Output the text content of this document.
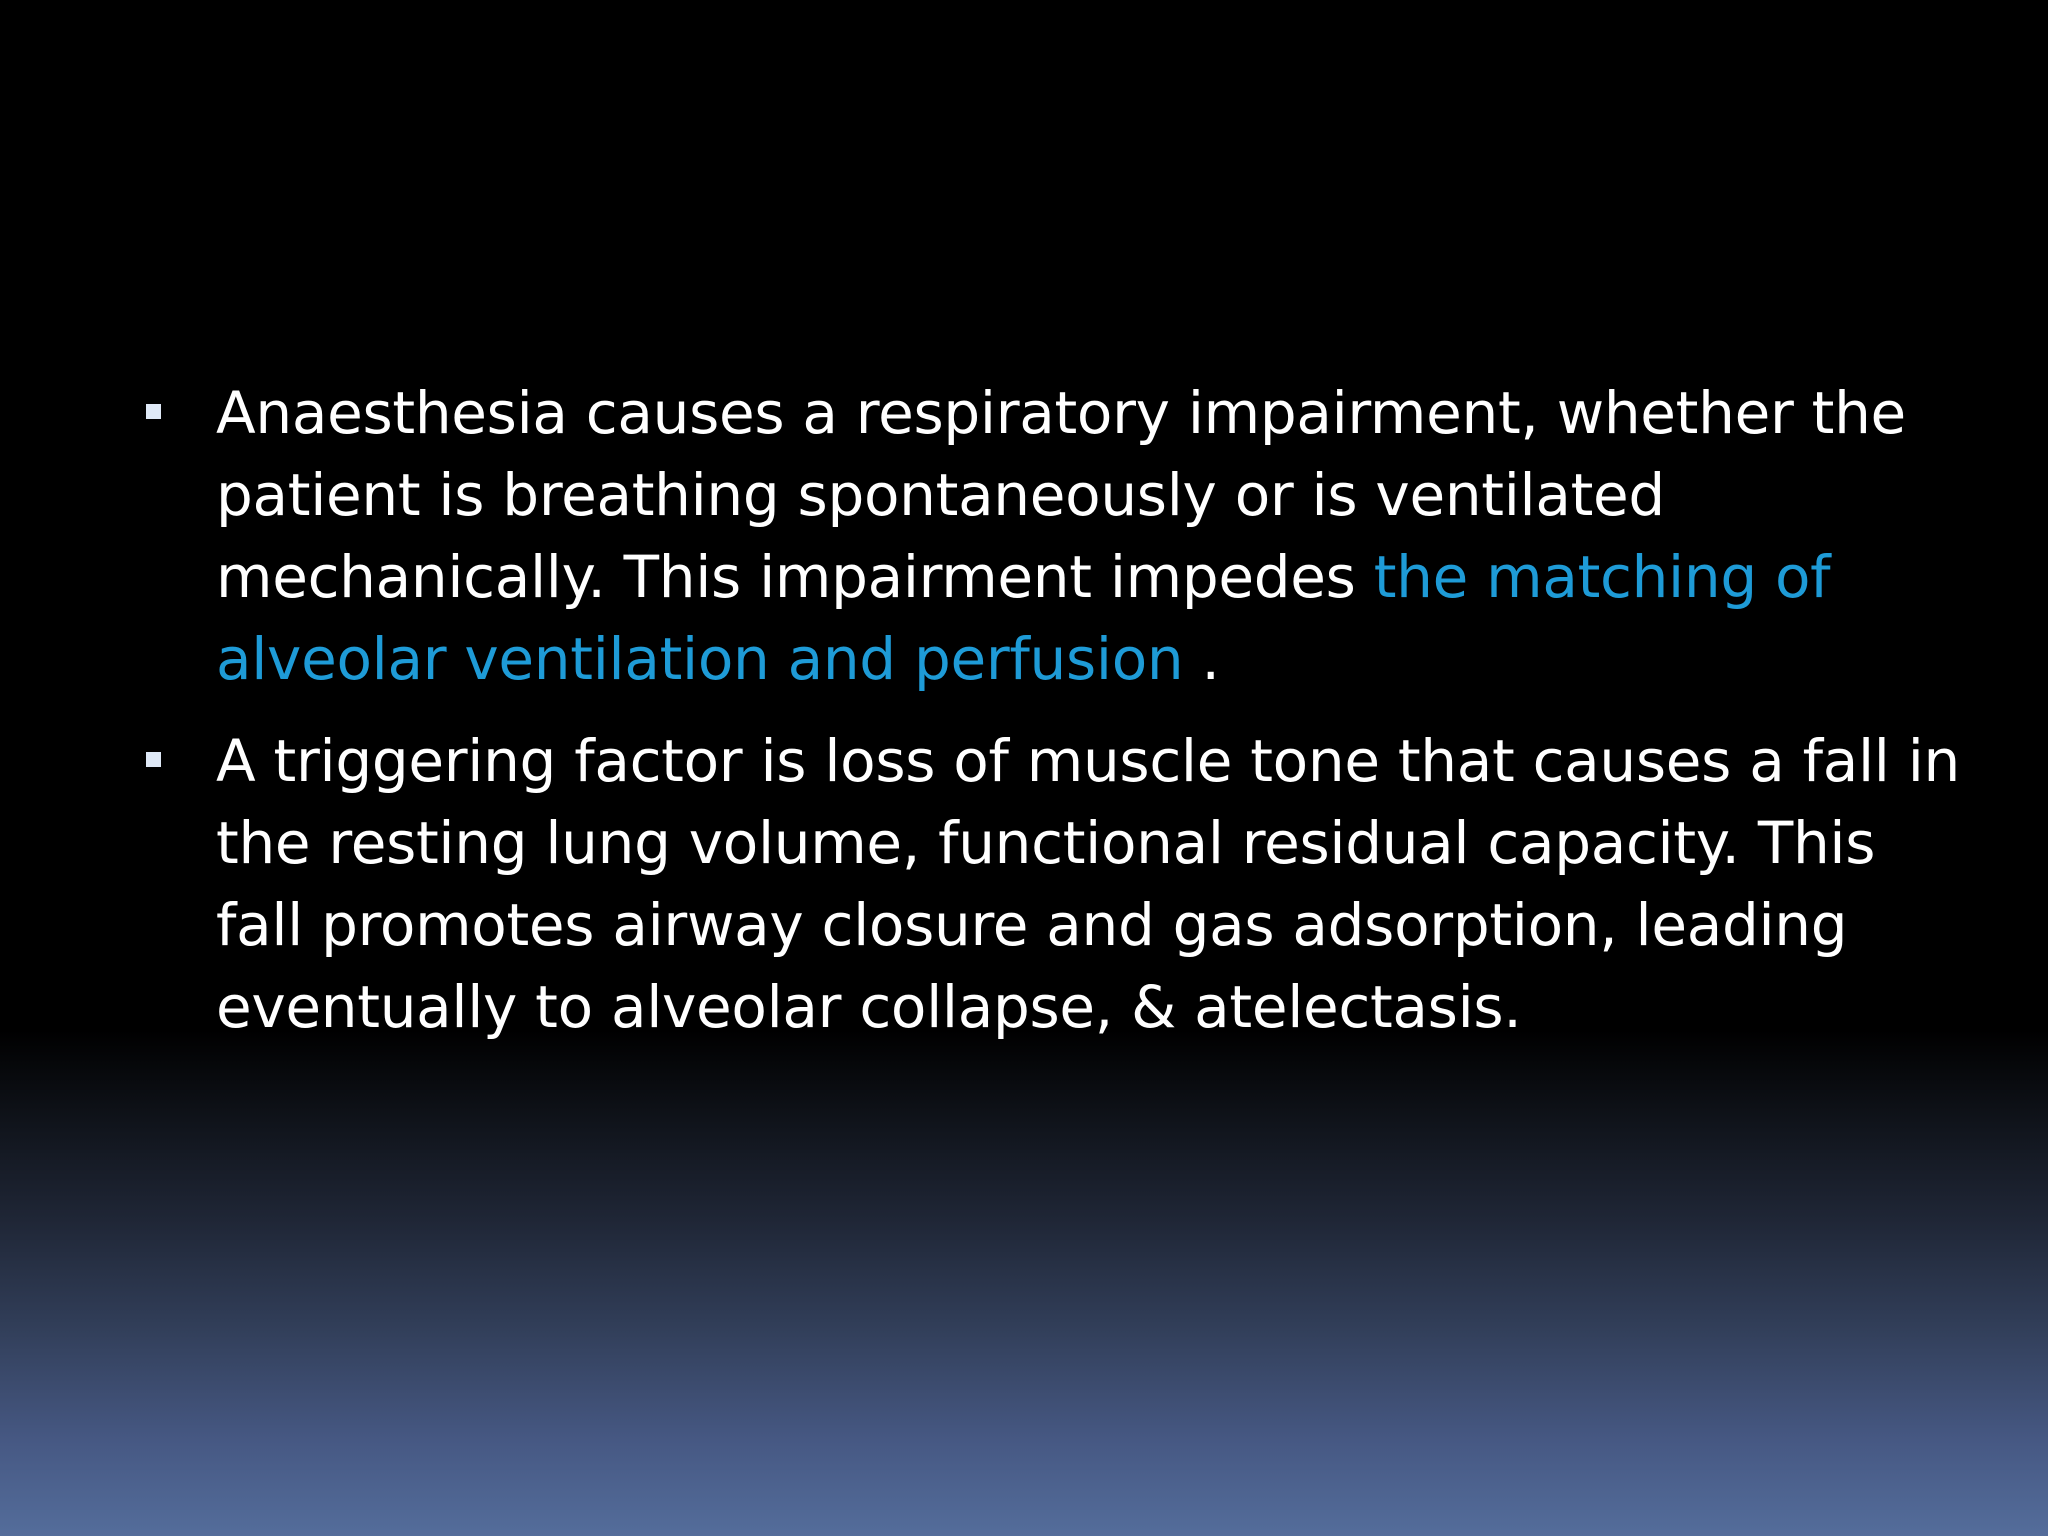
Anaesthesia causes a respiratory impairment, whether the patient is breathing spontaneously or is ventilated mechanically. This impairment impedes the matching of alveolar ventilation and perfusion .
A triggering factor is loss of muscle tone that causes a fall in the resting lung volume, functional residual capacity. This fall promotes airway closure and gas adsorption, leading eventually to alveolar collapse, & atelectasis.
